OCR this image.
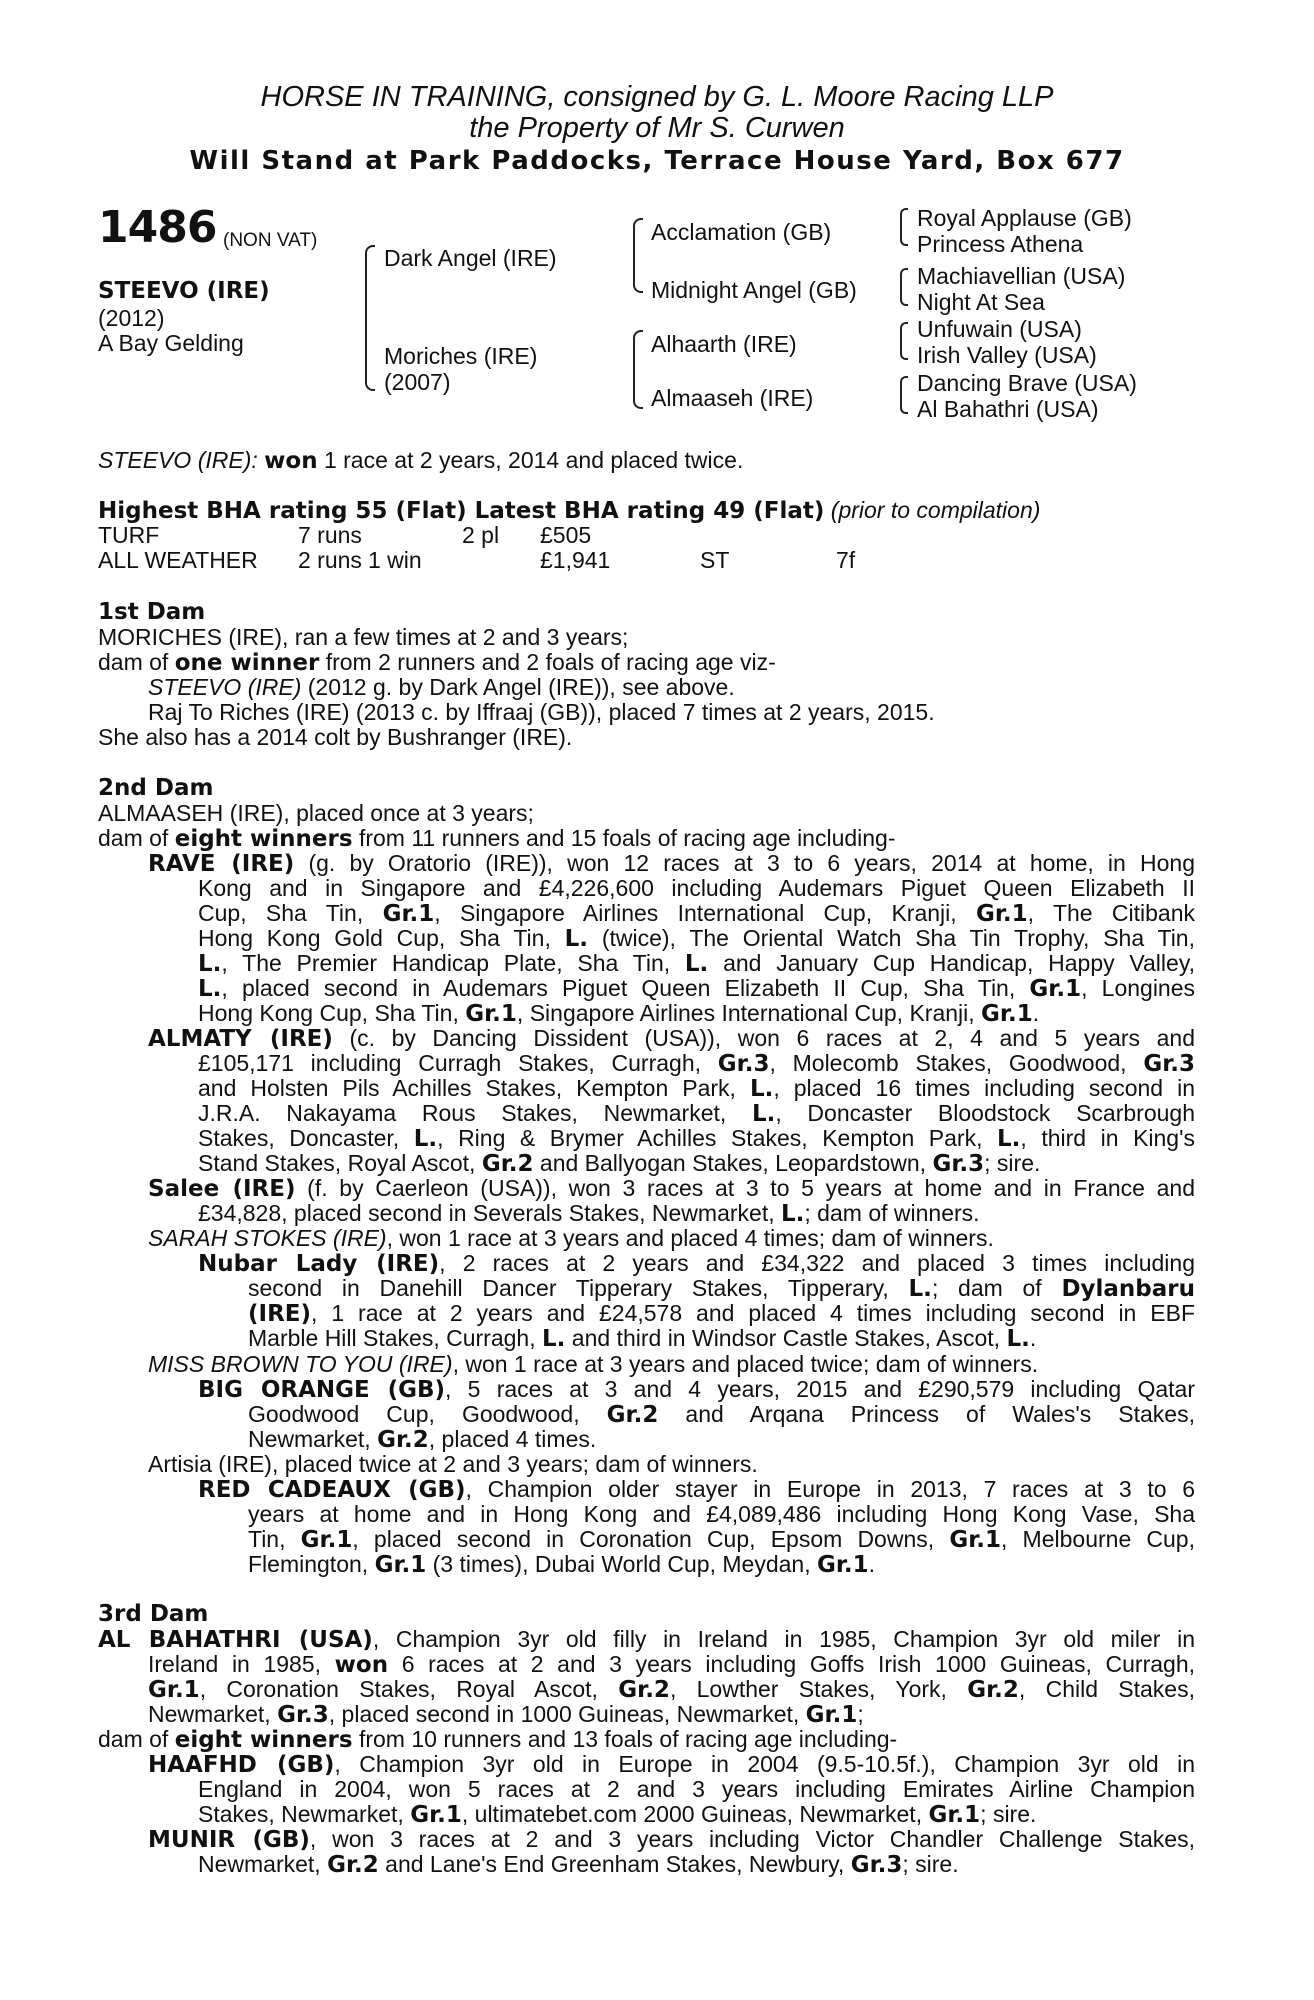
HORSE IN TRAINING, consigned by G. L. Moore Racing LLP
the Property of Mr S. Curwen
Will Stand at Park Paddocks, Terrace House Yard, Box 677
1486 (NON VAT)
STEEVO (IRE)
(2012)
A Bay Gelding
Dark Angel (IRE)
Moriches (IRE)
(2007)
Acclamation (GB)
Midnight Angel (GB)
Alhaarth (IRE)
Almaaseh (IRE)
Royal Applause (GB)
Princess Athena
Machiavellian (USA)
Night At Sea
Unfuwain (USA)
Irish Valley (USA)
Dancing Brave (USA)
Al Bahathri (USA)
STEEVO (IRE): won 1 race at 2 years, 2014 and placed twice.
Highest BHA rating 55 (Flat) Latest BHA rating 49 (Flat) (prior to compilation)
TURF	7 runs	2 pl £505
ALL WEATHER 2 runs 1 win	£1,941	ST	7f
1st Dam
MORICHES (IRE), ran a few times at 2 and 3 years;
dam of one winner from 2 runners and 2 foals of racing age viz-
STEEVO (IRE) (2012 g. by Dark Angel (IRE)), see above.
Raj To Riches (IRE) (2013 c. by Iffraaj (GB)), placed 7 times at 2 years, 2015.
She also has a 2014 colt by Bushranger (IRE).
2nd Dam
ALMAASEH (IRE), placed once at 3 years;
dam of eight winners from 11 runners and 15 foals of racing age including-
RAVE (IRE) (g. by Oratorio (IRE)), won 12 races at 3 to 6 years, 2014 at home, in Hong
Kong and in Singapore and £4,226,600 including Audemars Piguet Queen Elizabeth II
Cup, Sha Tin, Gr.1, Singapore Airlines International Cup, Kranji, Gr.1, The Citibank
Hong Kong Gold Cup, Sha Tin, L. (twice), The Oriental Watch Sha Tin Trophy, Sha Tin,
L., The Premier Handicap Plate, Sha Tin, L. and January Cup Handicap, Happy Valley,
L., placed second in Audemars Piguet Queen Elizabeth II Cup, Sha Tin, Gr.1, Longines
Hong Kong Cup, Sha Tin, Gr.1, Singapore Airlines International Cup, Kranji, Gr.1.
ALMATY (IRE) (c. by Dancing Dissident (USA)), won 6 races at 2, 4 and 5 years and
£105,171 including Curragh Stakes, Curragh, Gr.3, Molecomb Stakes, Goodwood, Gr.3
and Holsten Pils Achilles Stakes, Kempton Park, L., placed 16 times including second in
J.R.A. Nakayama Rous Stakes, Newmarket, L., Doncaster Bloodstock Scarbrough
Stakes, Doncaster, L., Ring & Brymer Achilles Stakes, Kempton Park, L., third in King's
Stand Stakes, Royal Ascot, Gr.2 and Ballyogan Stakes, Leopardstown, Gr.3; sire.
Salee (IRE) (f. by Caerleon (USA)), won 3 races at 3 to 5 years at home and in France and
£34,828, placed second in Severals Stakes, Newmarket, L.; dam of winners.
Nubar Lady (IRE), 2 races at 2 years and £34,322 and placed 3 times including
second in Danehill Dancer Tipperary Stakes, Tipperary, L.; dam of Dylanbaru
(IRE), 1 race at 2 years and £24,578 and placed 4 times including second in EBF
Marble Hill Stakes, Curragh, L. and third in Windsor Castle Stakes, Ascot, L..
BIG ORANGE (GB), 5 races at 3 and 4 years, 2015 and £290,579 including Qatar
Goodwood Cup, Goodwood, Gr.2 and Arqana Princess of Wales's Stakes,
Newmarket, Gr.2, placed 4 times.
RED CADEAUX (GB), Champion older stayer in Europe in 2013, 7 races at 3 to 6
years at home and in Hong Kong and £4,089,486 including Hong Kong Vase, Sha
Tin, Gr.1, placed second in Coronation Cup, Epsom Downs, Gr.1, Melbourne Cup,
Flemington, Gr.1 (3 times), Dubai World Cup, Meydan, Gr.1.
AL BAHATHRI (USA), Champion 3yr old filly in Ireland in 1985, Champion 3yr old miler in
Ireland in 1985, won 6 races at 2 and 3 years including Goffs Irish 1000 Guineas, Curragh,
Gr.1, Coronation Stakes, Royal Ascot, Gr.2, Lowther Stakes, York, Gr.2, Child Stakes,
Newmarket, Gr.3, placed second in 1000 Guineas, Newmarket, Gr.1;
HAAFHD (GB), Champion 3yr old in Europe in 2004 (9.5-10.5f.), Champion 3yr old in
England in 2004, won 5 races at 2 and 3 years including Emirates Airline Champion
Stakes, Newmarket, Gr.1, ultimatebet.com 2000 Guineas, Newmarket, Gr.1; sire.
MUNIR (GB), won 3 races at 2 and 3 years including Victor Chandler Challenge Stakes,
Newmarket, Gr.2 and Lane's End Greenham Stakes, Newbury, Gr.3; sire.
SARAH STOKES (IRE), won 1 race at 3 years and placed 4 times; dam of winners.
MISS BROWN TO YOU (IRE), won 1 race at 3 years and placed twice; dam of winners.
Artisia (IRE), placed twice at 2 and 3 years; dam of winners.
3rd Dam
dam of eight winners from 10 runners and 13 foals of racing age including-
